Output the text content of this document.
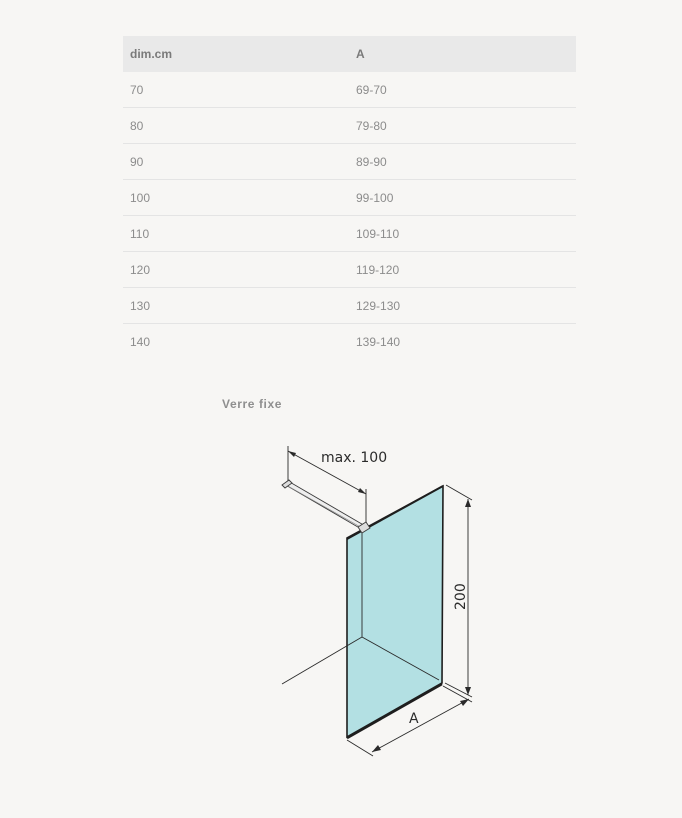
dim.cm	A
70	69-70
80	79-80
90	89-90
100	99-100
110	109-110
120	119-120
130	129-130
140	139-140
Verre fixe
max. 100
200
A
